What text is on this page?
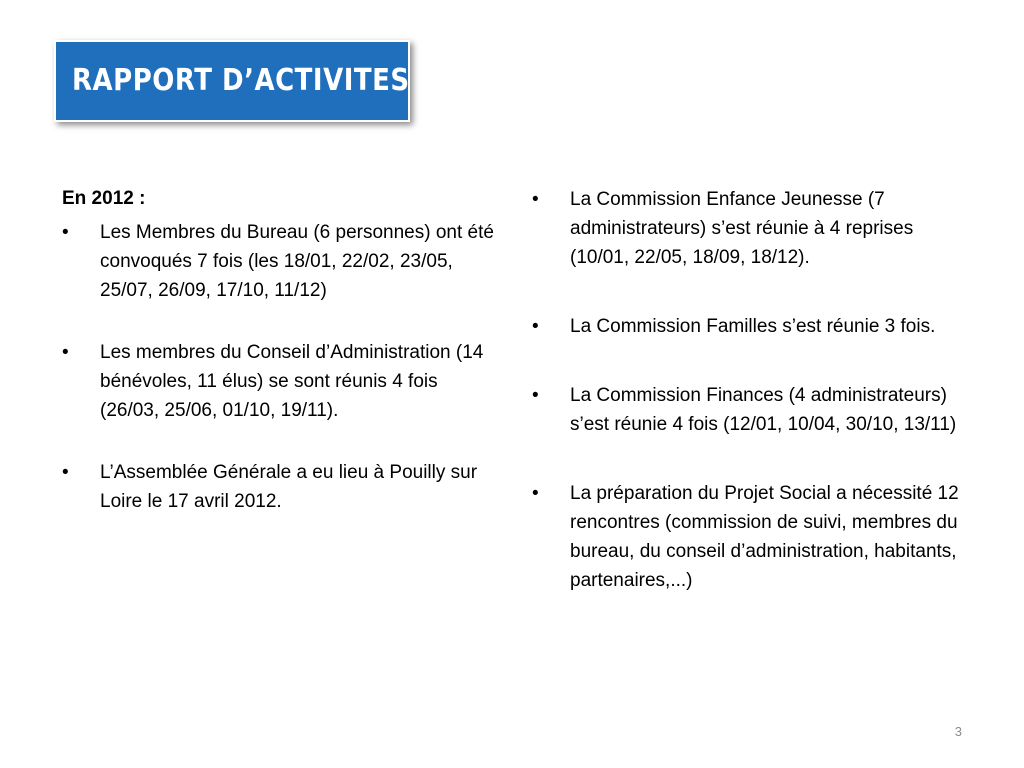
RAPPORT D’ACTIVITES
En 2012 :
•	Les Membres du Bureau (6 personnes) ont été convoqués 7 fois (les 18/01, 22/02, 23/05, 25/07, 26/09, 17/10, 11/12)
•	Les membres du Conseil d’Administration (14 bénévoles, 11 élus) se sont réunis 4 fois (26/03, 25/06, 01/10, 19/11).
•	L’Assemblée Générale a eu lieu à Pouilly sur Loire le 17 avril 2012.
•	La Commission Enfance Jeunesse (7 administrateurs) s’est réunie à 4 reprises (10/01, 22/05, 18/09, 18/12).
•	La Commission Familles s’est réunie 3 fois.
•	La Commission Finances (4 administrateurs) s’est réunie 4 fois (12/01, 10/04, 30/10, 13/11)
•	La préparation du Projet Social a nécessité 12 rencontres (commission de suivi, membres du bureau, du conseil d’administration, habitants, partenaires,...)
3
